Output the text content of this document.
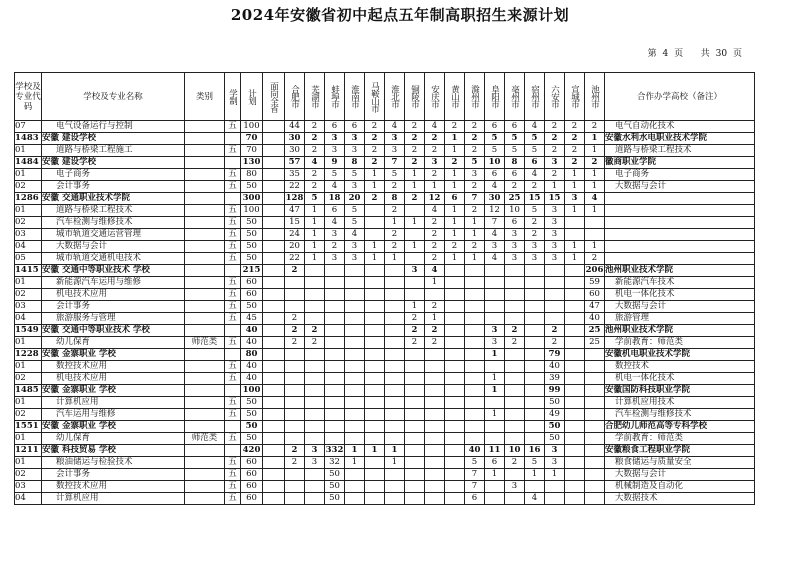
2024年安徽省初中起点五年制高职招生来源计划
第 4 页 共 30 页
学校及专业代码	学校及专业名称	类别	学制	计划	面向全省	合肥市	芜湖市	蚌埠市	淮南市	马鞍山市	淮北市	铜陵市	安庆市	黄山市	滁州市	阜阳市	亳州市	宿州市	六安市	宣城市	池州市	合作办学高校（备注）
07	电气设备运行与控制		五	100		44	2	6	6	2	4	2	4	2	2	6	6	4	2	2	2	电气自动化技术
1483	安徽 建设学校			70		30	2	3	3	2	3	2	2	1	2	5	5	5	2	2	1	安徽水利水电职业技术学院
01	道路与桥梁工程施工		五	70		30	2	3	3	2	3	2	2	1	2	5	5	5	2	2	1	道路与桥梁工程技术
1484	安徽 建设学校			130		57	4	9	8	2	7	2	3	2	5	10	8	6	3	2	2	徽商职业学院
01	电子商务		五	80		35	2	5	5	1	5	1	2	1	3	6	6	4	2	1	1	电子商务
02	会计事务		五	50		22	2	4	3	1	2	1	1	1	2	4	2	2	1	1	1	大数据与会计
1286	安徽 交通职业技术学院			300		128	5	18	20	2	8	2	12	6	7	30	25	15	15	3	4	
01	道路与桥梁工程技术		五	100		47	1	6	5		2		4	1	2	12	10	5	3	1	1	
02	汽车检测与维修技术		五	50		15	1	4	5		1	1	2	1	1	7	6	2	3			
03	城市轨道交通运营管理		五	50		24	1	3	4		2		2	1	1	4	3	2	3			
04	大数据与会计		五	50		20	1	2	3	1	2	1	2	2	2	3	3	3	3	1	1	
05	城市轨道交通机电技术		五	50		22	1	3	3	1	1		2	1	1	4	3	3	3	1	2	
1415	安徽 交通中等职业技术 学校			215		2						3	4								206	池州职业技术学院
01	新能源汽车运用与维修		五	60									1								59	新能源汽车技术
02	机电技术应用		五	60																	60	机电一体化技术
03	会计事务		五	50								1	2								47	大数据与会计
04	旅游服务与管理		五	45		2						2	1								40	旅游管理
1549	安徽 交通中等职业技术 学校			40		2	2					2	2			3	2		2		25	池州职业技术学院
01	幼儿保育	师范类	五	40		2	2					2	2			3	2		2		25	学前教育：师范类
1228	安徽 金寨职业 学校			80												1			79			安徽机电职业技术学院
01	数控技术应用		五	40															40			数控技术
02	机电技术应用		五	40												1			39			机电一体化技术
1485	安徽 金寨职业 学校			100												1			99			安徽国防科技职业学院
01	计算机应用		五	50															50			计算机应用技术
02	汽车运用与维修		五	50												1			49			汽车检测与维修技术
1551	安徽 金寨职业 学校			50															50			合肥幼儿师范高等专科学校
01	幼儿保育	师范类	五	50															50			学前教育：师范类
1211	安徽 科技贸易 学校			420		2	3	332	1	1	1				40	11	10	16	3			安徽粮食工程职业学院
01	粮油储运与检验技术		五	60		2	3	32	1		1				5	6	2	5	3			粮食储运与质量安全
02	会计事务		五	60				50							7	1		1	1			大数据与会计
03	数控技术应用		五	60				50							7		3					机械制造及自动化
04	计算机应用		五	60				50							6			4				大数据技术
